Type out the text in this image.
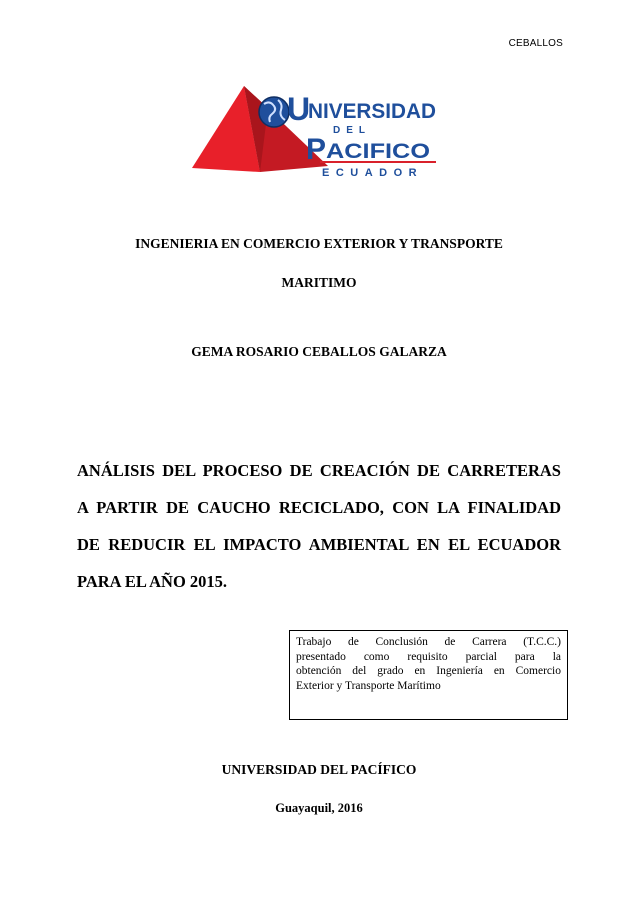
CEBALLOS
U
NIVERSIDAD
DEL
P ACIFICO
ECUADOR
INGENIERIA EN COMERCIO EXTERIOR Y TRANSPORTE
MARITIMO
GEMA ROSARIO CEBALLOS GALARZA
ANÁLISIS DEL PROCESO DE CREACIÓN DE CARRETERAS
A PARTIR DE CAUCHO RECICLADO, CON LA FINALIDAD
DE REDUCIR EL IMPACTO AMBIENTAL EN EL ECUADOR
PARA EL AÑO 2015.
Trabajo de Conclusión de Carrera (T.C.C.)
presentado como requisito parcial para la
obtención del grado en Ingeniería en Comercio
Exterior y Transporte Marítimo
UNIVERSIDAD DEL PACÍFICO
Guayaquil, 2016
